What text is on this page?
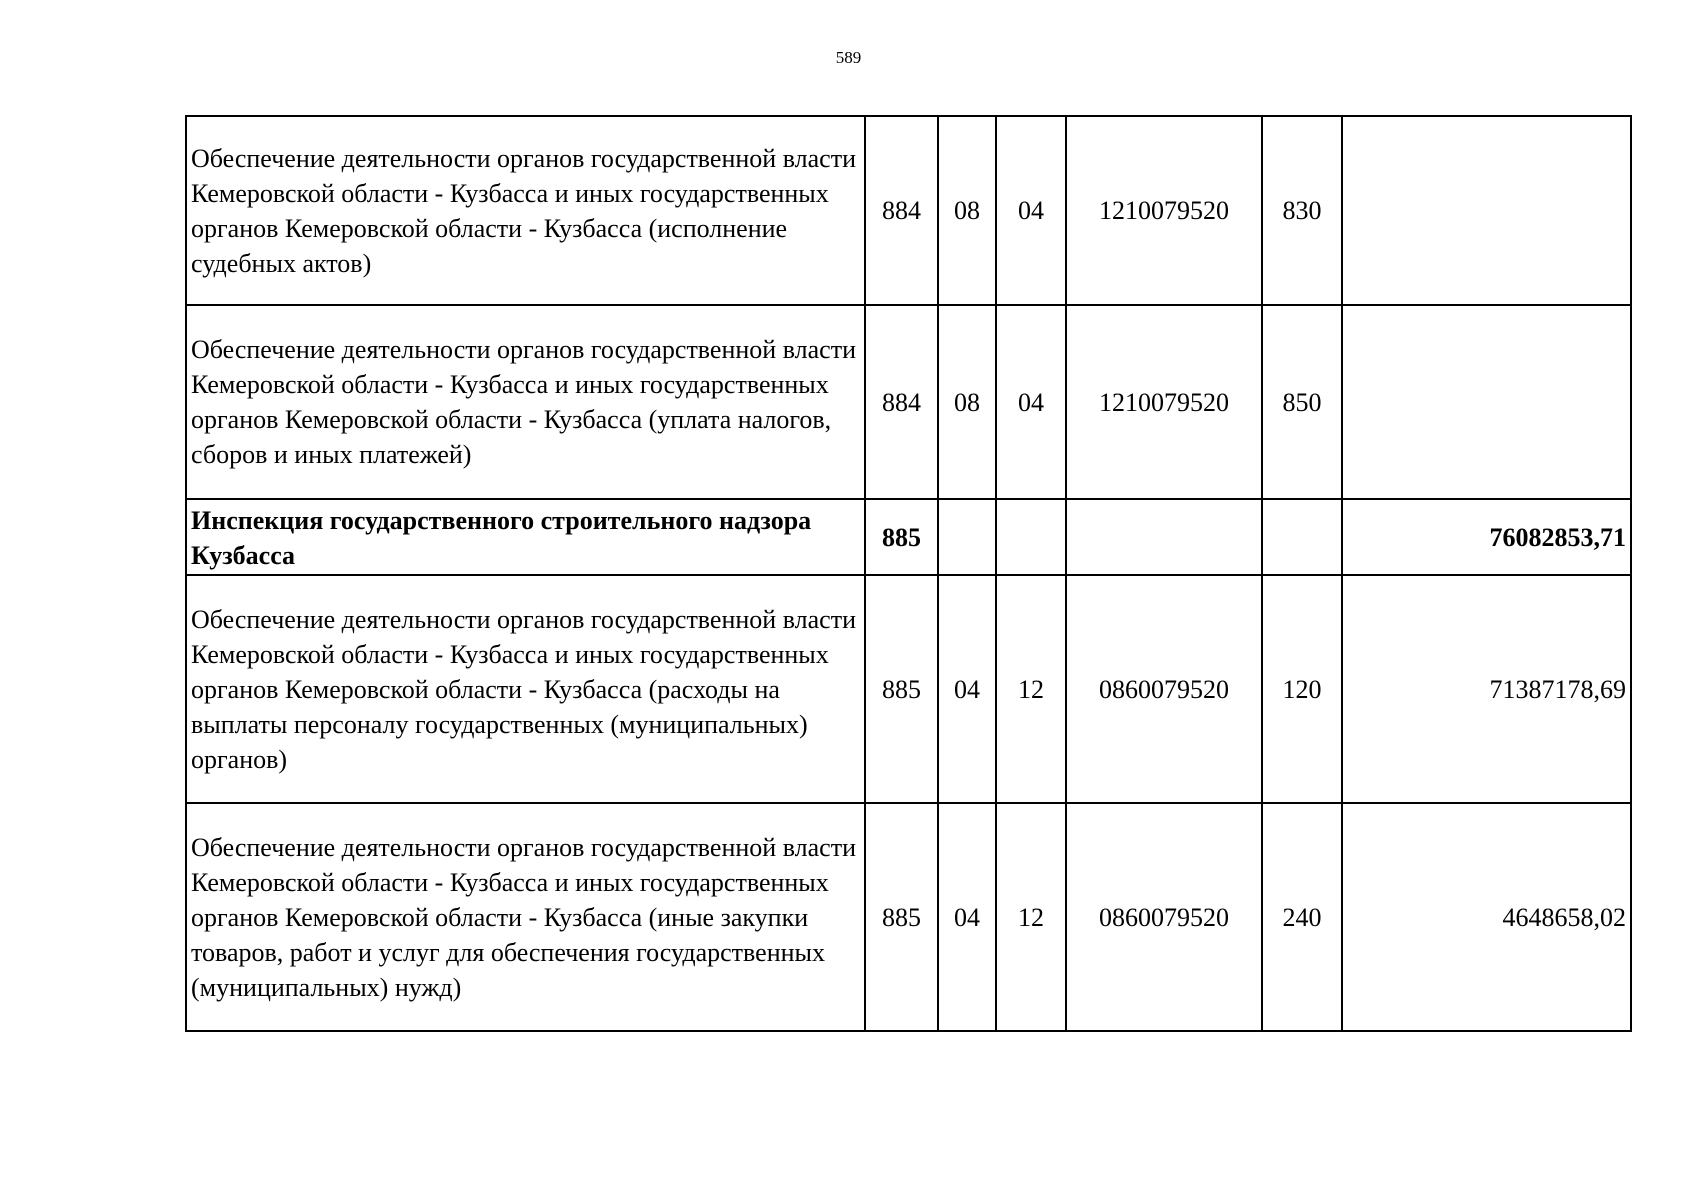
589
Обеспечение деятельности органов государственной власти Кемеровской области - Кузбасса и иных государственных органов Кемеровской области - Кузбасса (исполнение судебных актов)	884	08	04	1210079520	830	
Обеспечение деятельности органов государственной власти Кемеровской области - Кузбасса и иных государственных органов Кемеровской области - Кузбасса (уплата налогов, сборов и иных платежей)	884	08	04	1210079520	850	
Инспекция государственного строительного надзора Кузбасса	885					76082853,71
Обеспечение деятельности органов государственной власти Кемеровской области - Кузбасса и иных государственных органов Кемеровской области - Кузбасса (расходы на выплаты персоналу государственных (муниципальных) органов)	885	04	12	0860079520	120	71387178,69
Обеспечение деятельности органов государственной власти Кемеровской области - Кузбасса и иных государственных органов Кемеровской области - Кузбасса (иные закупки товаров, работ и услуг для обеспечения государственных (муниципальных) нужд)	885	04	12	0860079520	240	4648658,02
